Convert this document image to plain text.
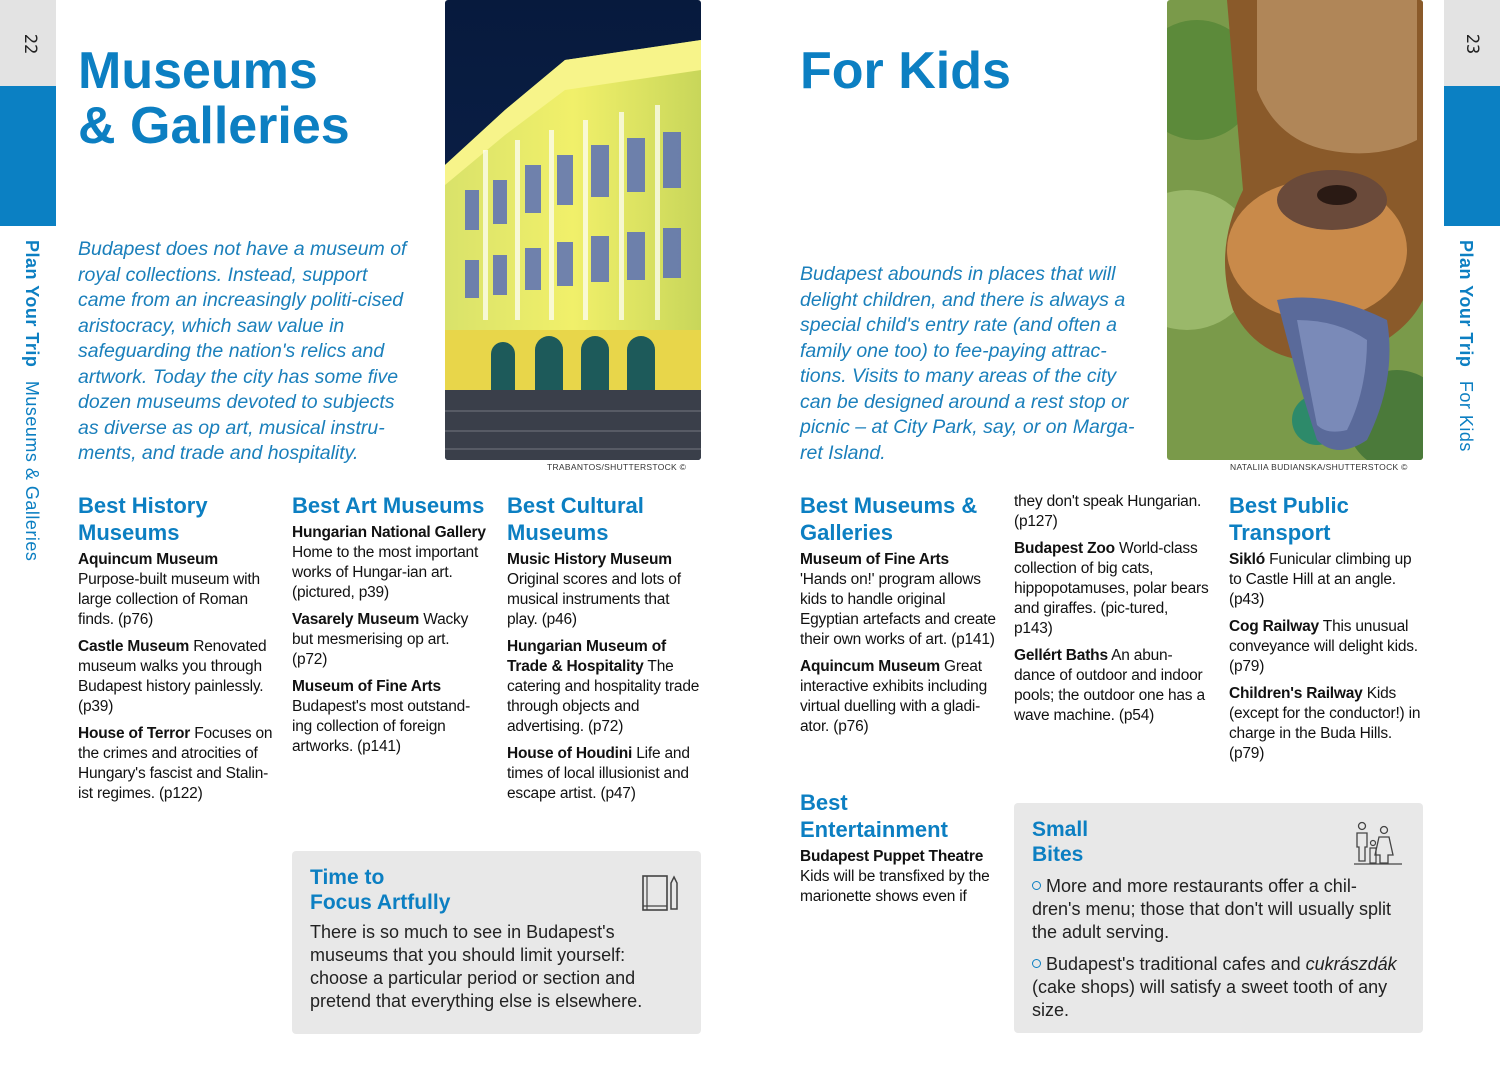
22
Plan Your Trip Museums & Galleries
Museums
& Galleries

Budapest does not have a museum of royal collections. Instead, support came from an increasingly politi-cised aristocracy, which saw value in safeguarding the nation's relics and artwork. Today the city has some five dozen museums devoted to subjects as diverse as op art, musical instru-ments, and trade and hospitality.

TRABANTOS/SHUTTERSTOCK ©
Best History Museums
Aquincum Museum Purpose-built museum with large collection of Roman finds. (p76)
Castle Museum Renovated museum walks you through Budapest history painlessly. (p39)
House of Terror Focuses on the crimes and atrocities of Hungary's fascist and Stalin-ist regimes. (p122)
Best Art Museums
Hungarian National Gallery Home to the most important works of Hungar-ian art. (pictured, p39)
Vasarely Museum Wacky but mesmerising op art. (p72)
Museum of Fine Arts Budapest's most outstand-ing collection of foreign artworks. (p141)
Best Cultural Museums
Music History Museum Original scores and lots of musical instruments that play. (p46)
Hungarian Museum of Trade & Hospitality The catering and hospitality trade through objects and advertising. (p72)
House of Houdini Life and times of local illusionist and escape artist. (p47)
Time to
Focus Artfully

There is so much to see in Budapest's museums that you should limit yourself: choose a particular period or section and pretend that everything else is elsewhere.

23
Plan Your Trip For Kids
For Kids

Budapest abounds in places that will delight children, and there is always a special child's entry rate (and often a family one too) to fee-paying attrac-tions. Visits to many areas of the city can be designed around a rest stop or picnic – at City Park, say, or on Marga-ret Island.

NATALIIA BUDIANSKA/SHUTTERSTOCK ©
Best Museums & Galleries
Museum of Fine Arts 'Hands on!' program allows kids to handle original Egyptian artefacts and create their own works of art. (p141)
Aquincum Museum Great interactive exhibits including virtual duelling with a gladi-ator. (p76)
Best Entertainment
Budapest Puppet Theatre Kids will be transfixed by the marionette shows even if
they don't speak Hungarian. (p127)
Budapest Zoo World-class collection of big cats, hippopotamuses, polar bears and giraffes. (pic-tured, p143)
Gellért Baths An abun-dance of outdoor and indoor pools; the outdoor one has a wave machine. (p54)
Best Public Transport
Sikló Funicular climbing up to Castle Hill at an angle. (p43)
Cog Railway This unusual conveyance will delight kids. (p79)
Children's Railway Kids (except for the conductor!) in charge in the Buda Hills. (p79)
Small
Bites

More and more restaurants offer a chil-dren's menu; those that don't will usually split the adult serving.

Budapest's traditional cafes and cukrászdák (cake shops) will satisfy a sweet tooth of any size.
